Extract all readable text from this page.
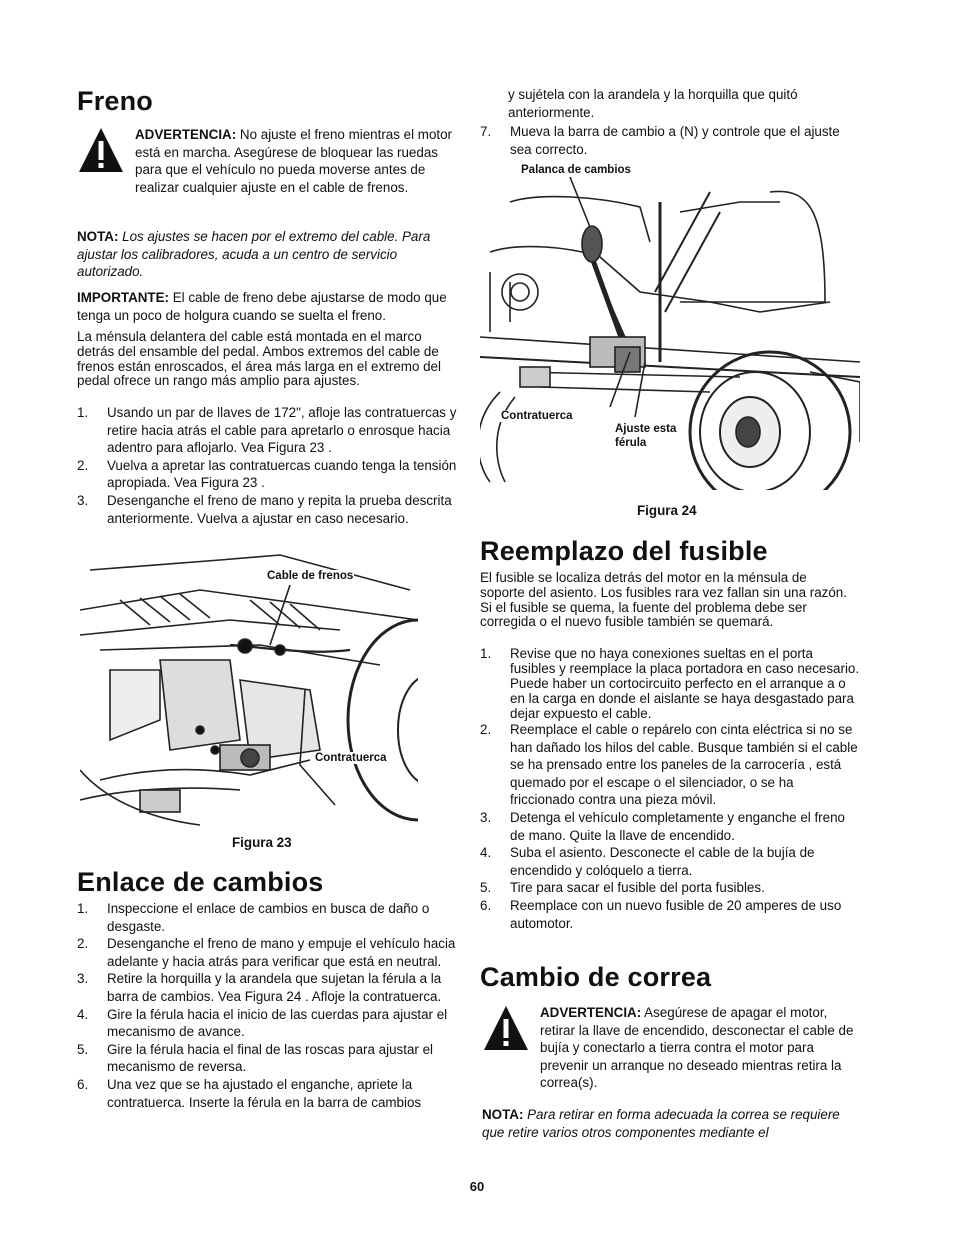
Freno

ADVERTENCIA: No ajuste el freno mientras el motor está en marcha. Asegúrese de bloquear las ruedas para que el vehículo no pueda moverse antes de realizar cualquier ajuste en el cable de frenos.

NOTA: Los ajustes se hacen por el extremo del cable. Para ajustar los calibradores, acuda a un centro de servicio autorizado.

IMPORTANTE: El cable de freno debe ajustarse de modo que tenga un poco de holgura cuando se suelta el freno.

La ménsula delantera del cable está montada en el marco detrás del ensamble del pedal. Ambos extremos del cable de frenos están enroscados, el área más larga en el extremo del pedal ofrece un rango más amplio para ajustes.

1. Usando un par de llaves de 172", afloje las contratuercas y retire hacia atrás el cable para apretarlo o enrosque hacia adentro para aflojarlo. Vea Figura 23 .
2. Vuelva a apretar las contratuercas cuando tenga la tensión apropiada. Vea Figura 23 .
3. Desenganche el freno de mano y repita la prueba descrita anteriormente. Vuelva a ajustar en caso necesario.
Cable de frenos
Contratuerca
Figura 23
Enlace de cambios
1. Inspeccione el enlace de cambios en busca de daño o desgaste.
2. Desenganche el freno de mano y empuje el vehículo hacia adelante y hacia atrás para verificar que está en neutral.
3. Retire la horquilla y la arandela que sujetan la férula a la barra de cambios. Vea Figura 24 . Afloje la contratuerca.
4. Gire la férula hacia el inicio de las cuerdas para ajustar el mecanismo de avance.
5. Gire la férula hacia el final de las roscas para ajustar el mecanismo de reversa.
6. Una vez que se ha ajustado el enganche, apriete la contratuerca. Inserte la férula en la barra de cambios

y sujétela con la arandela y la horquilla que quitó anteriormente.

7. Mueva la barra de cambio a (N) y controle que el ajuste sea correcto.
Palanca de cambios
Contratuerca
Ajuste esta férula
Figura 24
Reemplazo del fusible

El fusible se localiza detrás del motor en la ménsula de soporte del asiento. Los fusibles rara vez fallan sin una razón. Si el fusible se quema, la fuente del problema debe ser corregida o el nuevo fusible también se quemará.

1. Revise que no haya conexiones sueltas en el porta fusibles y reemplace la placa portadora en caso necesario. Puede haber un cortocircuito perfecto en el arranque a o en la carga en donde el aislante se haya desgastado para dejar expuesto el cable.
2. Reemplace el cable o repárelo con cinta eléctrica si no se han dañado los hilos del cable. Busque también si el cable se ha prensado entre los paneles de la carrocería , está quemado por el escape o el silenciador, o se ha friccionado contra una pieza móvil.
3. Detenga el vehículo completamente y enganche el freno de mano. Quite la llave de encendido.
4. Suba el asiento. Desconecte el cable de la bujía de encendido y colóquelo a tierra.
5. Tire para sacar el fusible del porta fusibles.
6. Reemplace con un nuevo fusible de 20 amperes de uso automotor.
Cambio de correa

ADVERTENCIA: Asegúrese de apagar el motor, retirar la llave de encendido, desconectar el cable de bujía y conectarlo a tierra contra el motor para prevenir un arranque no deseado mientras retira la correa(s).

NOTA: Para retirar en forma adecuada la correa se requiere que retire varios otros componentes mediante el

60
